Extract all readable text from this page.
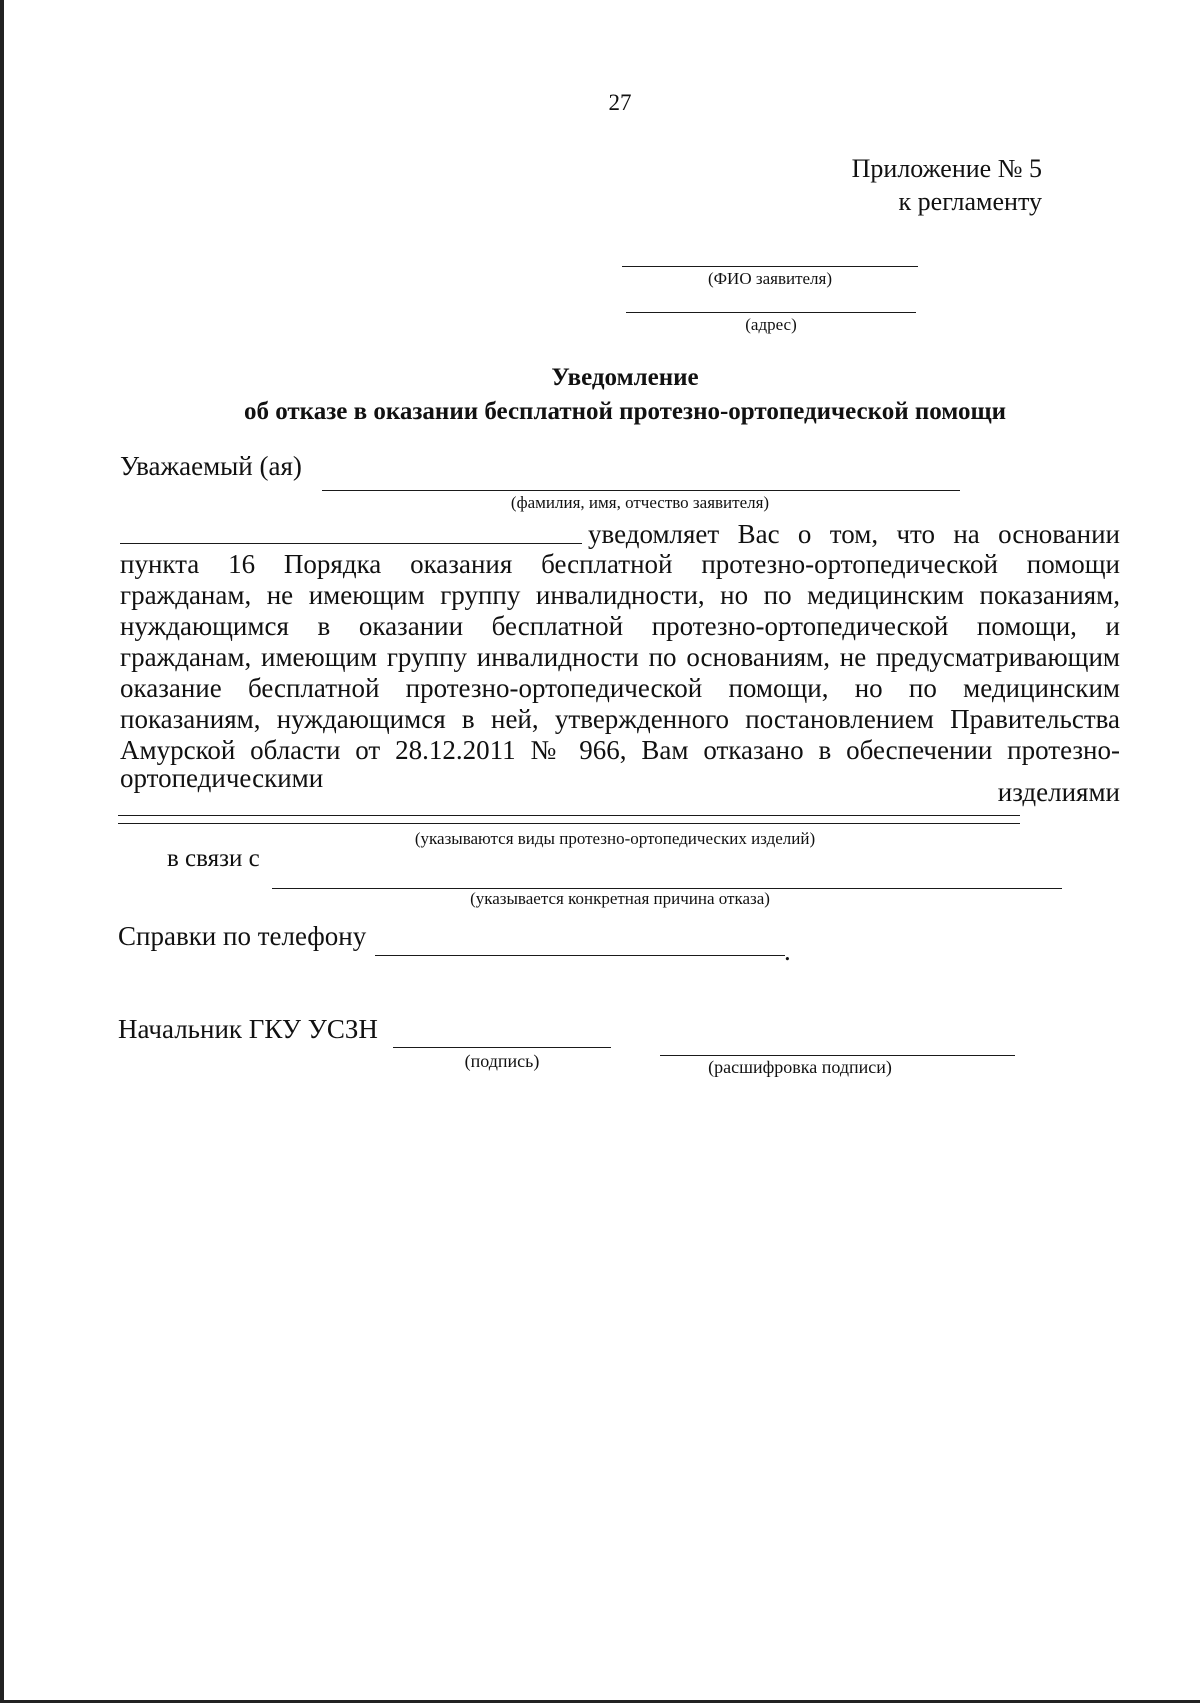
27
Приложение № 5
к регламенту
(ФИО заявителя)
(адрес)
Уведомление
об отказе в оказании бесплатной протезно-ортопедической помощи
Уважаемый (ая)
(фамилия, имя, отчество заявителя)
уведомляет Вас о том, что на основании
пункта 16 Порядка оказания бесплатной протезно-ортопедической помощи
гражданам, не имеющим группу инвалидности, но по медицинским показаниям,
нуждающимся в оказании бесплатной протезно-ортопедической помощи, и
гражданам, имеющим группу инвалидности по основаниям, не предусматривающим
оказание бесплатной протезно-ортопедической помощи, но по медицинским
показаниям, нуждающимся в ней, утвержденного постановлением Правительства
Амурской области от 28.12.2011 № 966, Вам отказано в обеспечении протезно-
ортопедическими	изделиями
(указываются виды протезно-ортопедических изделий)
в связи с
(указывается конкретная причина отказа)
Справки по телефону	.
Начальник ГКУ УСЗН
(подпись)	(расшифровка подписи)
